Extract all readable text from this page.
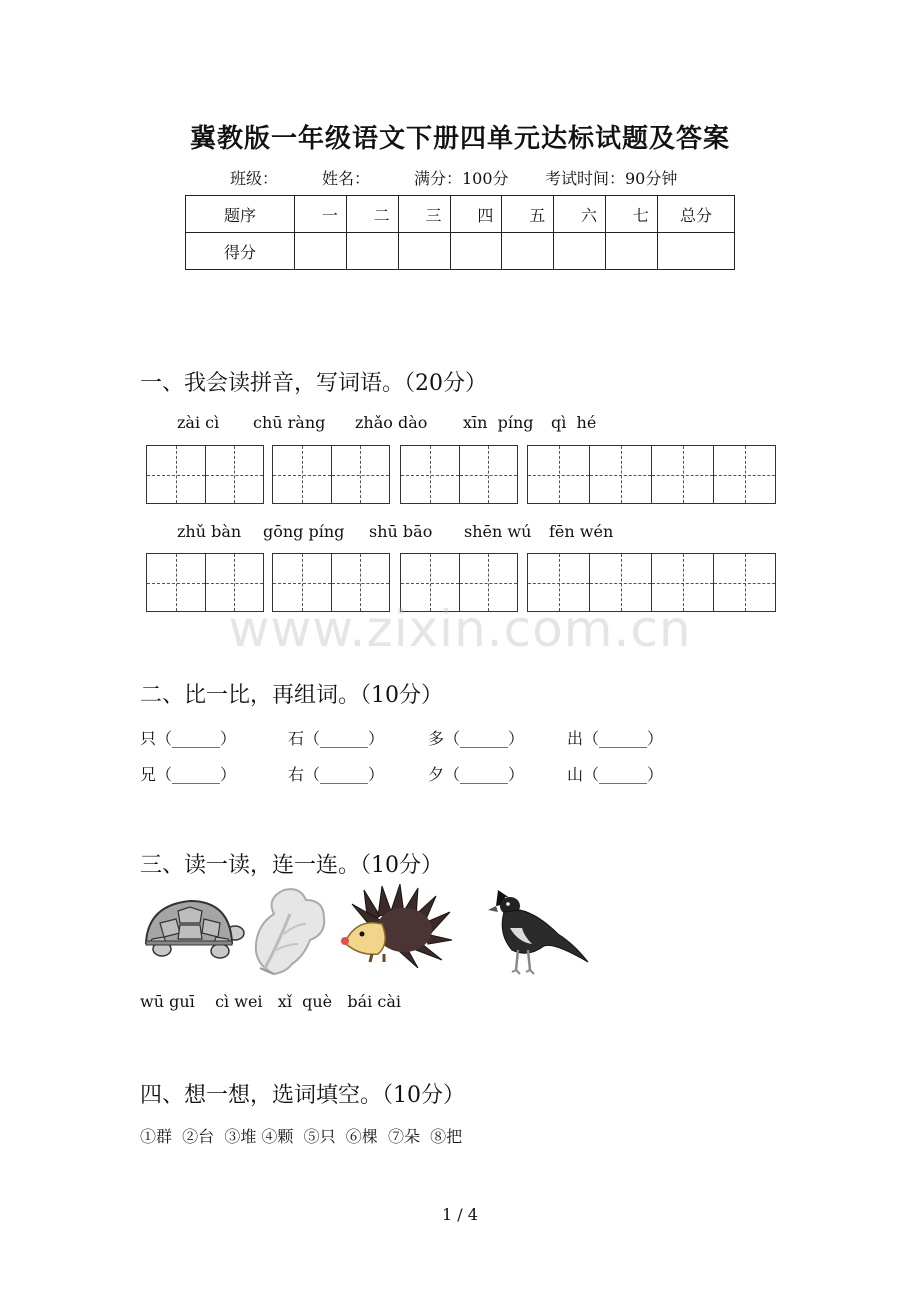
冀教版一年级语文下册四单元达标试题及答案
班级：	姓名：	满分：100分 考试时间：90分钟
题序	一	二	三	四	五	六	七	总分
得分								
一、我会读拼音，写词语。（20分）
zài cì chū ràng zhǎo dào xīn  píng qì  hé
zhǔ bàn gōng píng shū bāo shēn wú fēn wén
www.zixin.com.cn
二、比一比，再组词。（10分）
只（______）	石（______）	多（______）	出（______）
兄（______）	右（______）	夕（______）	山（______）
三、读一读，连一连。（10分）
wū guī    cì wei   xǐ  què   bái cài
四、想一想，选词填空。（10分）
①群  ②台  ③堆 ④颗  ⑤只  ⑥棵  ⑦朵  ⑧把
1 / 4
